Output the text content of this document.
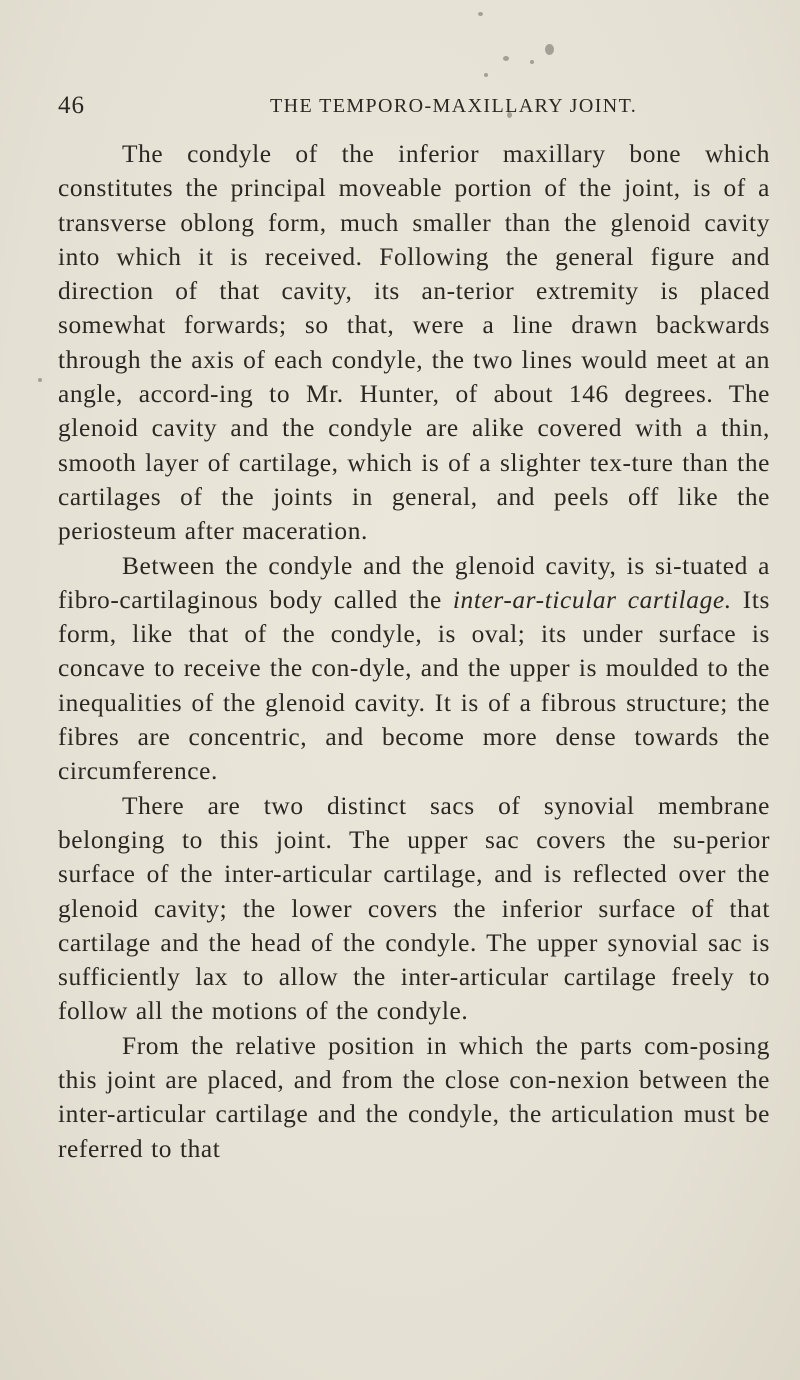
46	THE TEMPORO-MAXILLARY JOINT.

The condyle of the inferior maxillary bone which constitutes the principal moveable portion of the joint, is of a transverse oblong form, much smaller than the glenoid cavity into which it is received. Following the general figure and direction of that cavity, its an-terior extremity is placed somewhat forwards; so that, were a line drawn backwards through the axis of each condyle, the two lines would meet at an angle, accord-ing to Mr. Hunter, of about 146 degrees. The glenoid cavity and the condyle are alike covered with a thin, smooth layer of cartilage, which is of a slighter tex-ture than the cartilages of the joints in general, and peels off like the periosteum after maceration.

Between the condyle and the glenoid cavity, is si-tuated a fibro-cartilaginous body called the inter-ar-ticular cartilage. Its form, like that of the condyle, is oval; its under surface is concave to receive the con-dyle, and the upper is moulded to the inequalities of the glenoid cavity. It is of a fibrous structure; the fibres are concentric, and become more dense towards the circumference.

There are two distinct sacs of synovial membrane belonging to this joint. The upper sac covers the su-perior surface of the inter-articular cartilage, and is reflected over the glenoid cavity; the lower covers the inferior surface of that cartilage and the head of the condyle. The upper synovial sac is sufficiently lax to allow the inter-articular cartilage freely to follow all the motions of the condyle.

From the relative position in which the parts com-posing this joint are placed, and from the close con-nexion between the inter-articular cartilage and the condyle, the articulation must be referred to that
